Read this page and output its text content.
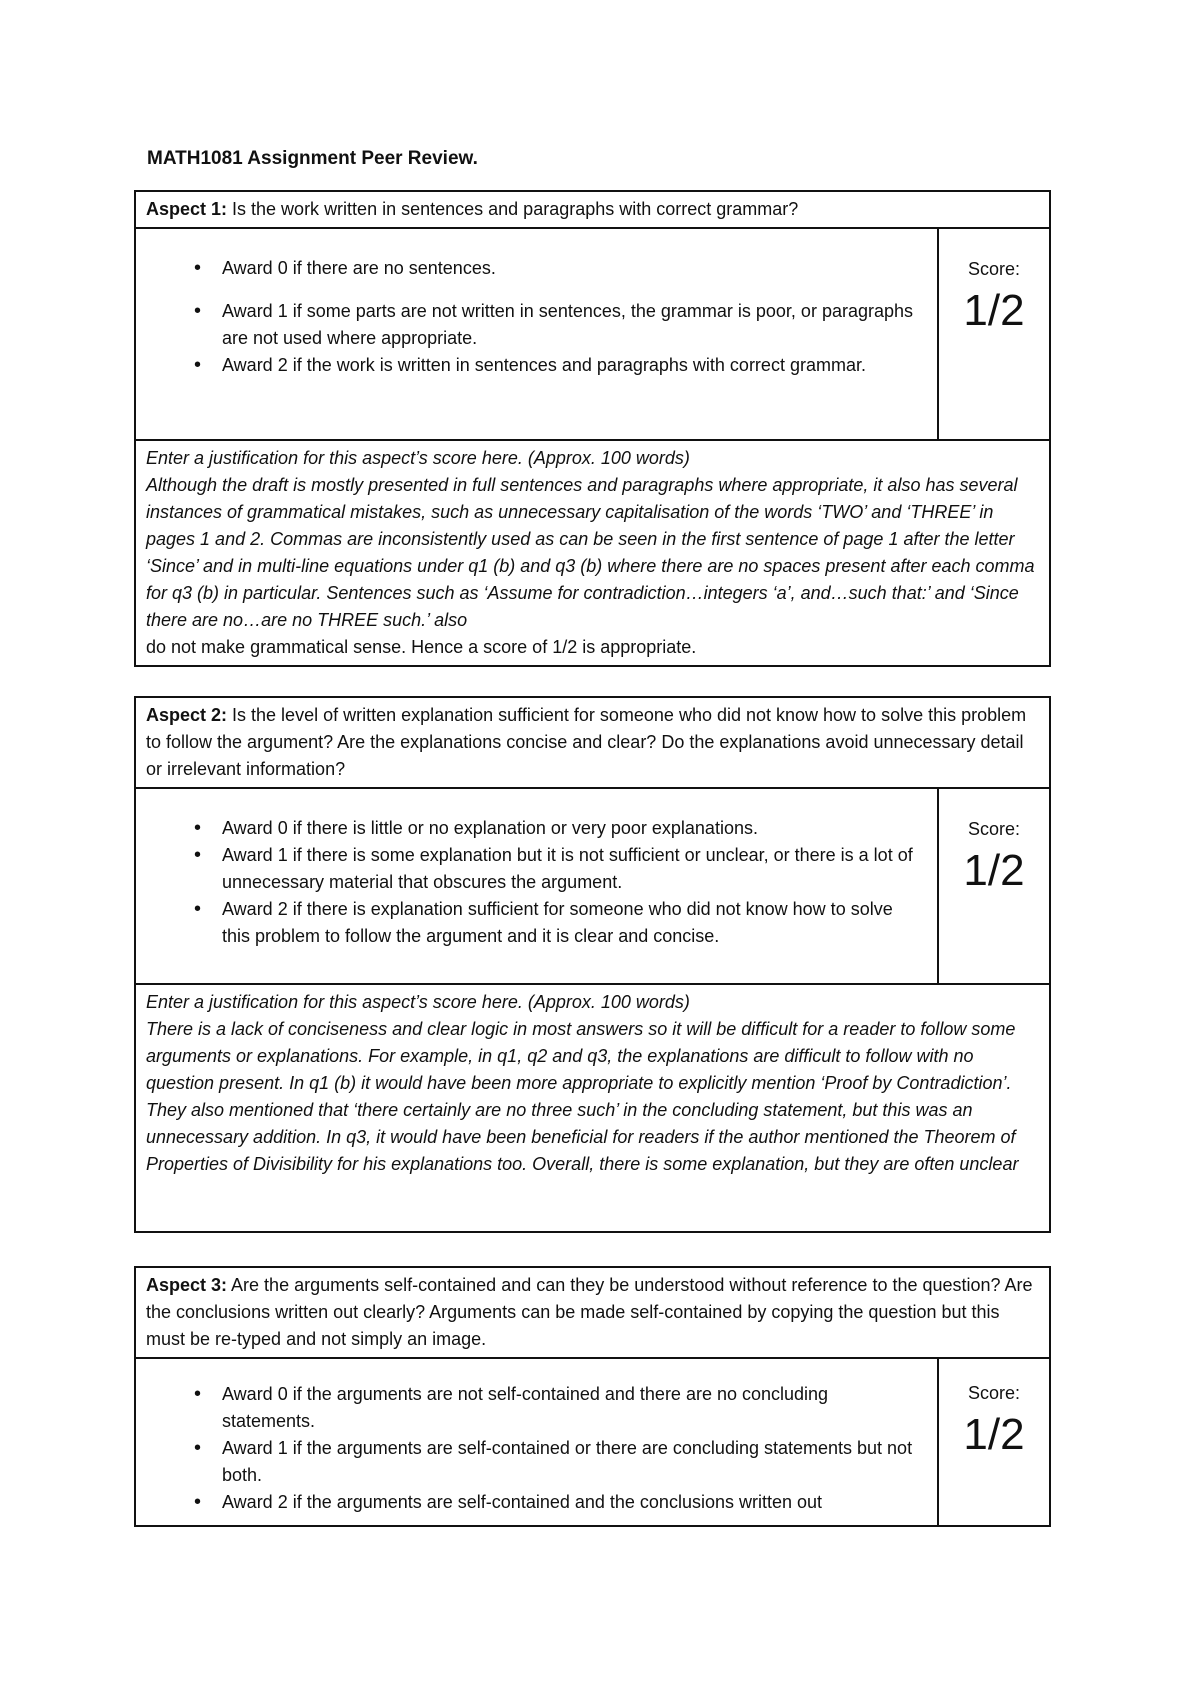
MATH1081 Assignment Peer Review.
Aspect 1: Is the work written in sentences and paragraphs with correct grammar?
• Award 0 if there are no sentences.
• Award 1 if some parts are not written in sentences, the grammar is poor, or paragraphs are not used where appropriate.
• Award 2 if the work is written in sentences and paragraphs with correct grammar.
Score:
1/2
Enter a justification for this aspect’s score here. (Approx. 100 words)
Although the draft is mostly presented in full sentences and paragraphs where appropriate, it also has several instances of grammatical mistakes, such as unnecessary capitalisation of the words ‘TWO’ and ‘THREE’ in pages 1 and 2. Commas are inconsistently used as can be seen in the first sentence of page 1 after the letter ‘Since’ and in multi-line equations under q1 (b) and q3 (b) where there are no spaces present after each comma for q3 (b) in particular. Sentences such as ‘Assume for contradiction…integers ‘a’, and…such that:’ and ‘Since there are no…are no THREE such.’ also
do not make grammatical sense. Hence a score of 1/2 is appropriate.
Aspect 2: Is the level of written explanation sufficient for someone who did not know how to solve this problem to follow the argument? Are the explanations concise and clear? Do the explanations avoid unnecessary detail or irrelevant information?
• Award 0 if there is little or no explanation or very poor explanations.
• Award 1 if there is some explanation but it is not sufficient or unclear, or there is a lot of unnecessary material that obscures the argument.
• Award 2 if there is explanation sufficient for someone who did not know how to solve this problem to follow the argument and it is clear and concise.
Score:
1/2
Enter a justification for this aspect’s score here. (Approx. 100 words)
There is a lack of conciseness and clear logic in most answers so it will be difficult for a reader to follow some arguments or explanations. For example, in q1, q2 and q3, the explanations are difficult to follow with no question present. In q1 (b) it would have been more appropriate to explicitly mention ‘Proof by Contradiction’. They also mentioned that ‘there certainly are no three such’ in the concluding statement, but this was an unnecessary addition. In q3, it would have been beneficial for readers if the author mentioned the Theorem of Properties of Divisibility for his explanations too. Overall, there is some explanation, but they are often unclear
Aspect 3: Are the arguments self-contained and can they be understood without reference to the question? Are the conclusions written out clearly? Arguments can be made self-contained by copying the question but this must be re-typed and not simply an image.
• Award 0 if the arguments are not self-contained and there are no concluding statements.
• Award 1 if the arguments are self-contained or there are concluding statements but not both.
• Award 2 if the arguments are self-contained and the conclusions written out
Score:
1/2
